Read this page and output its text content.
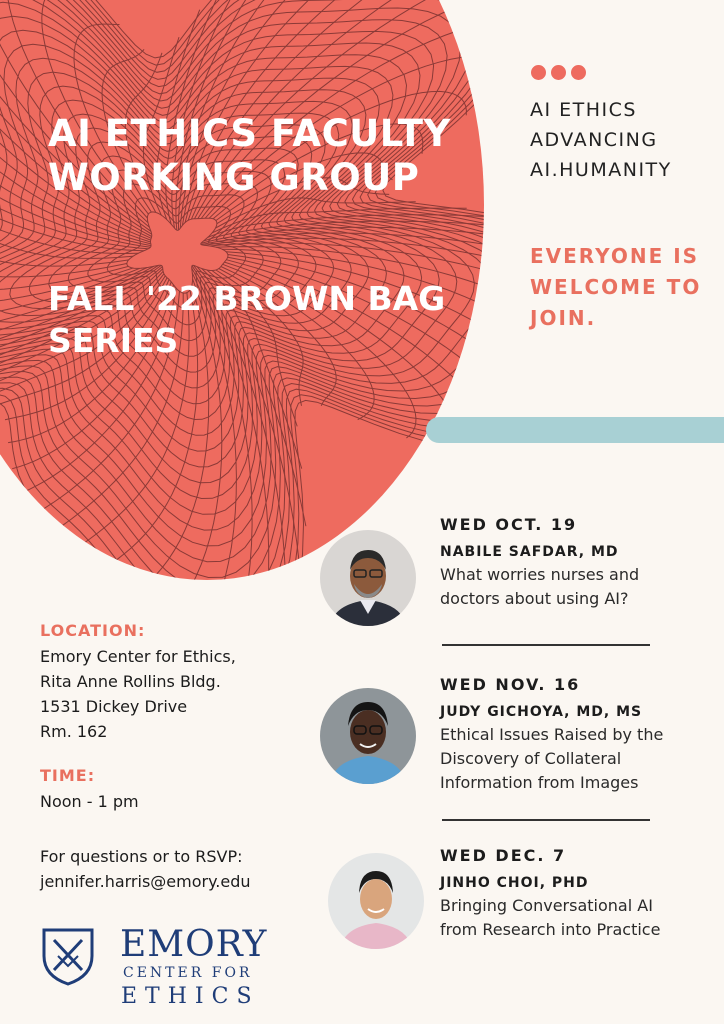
AI ETHICS FACULTY WORKING GROUP
FALL '22 BROWN BAG SERIES
AI ETHICS
ADVANCING
AI.HUMANITY
EVERYONE IS
WELCOME TO
JOIN.
WED OCT. 19
NABILE SAFDAR, MD
What worries nurses and
doctors about using AI?
WED NOV. 16
JUDY GICHOYA, MD, MS
Ethical Issues Raised by the
Discovery of Collateral
Information from Images
WED DEC. 7
JINHO CHOI, PHD
Bringing Conversational AI
from Research into Practice
LOCATION:
Emory Center for Ethics,
Rita Anne Rollins Bldg.
1531 Dickey Drive
Rm. 162
TIME:
Noon - 1 pm
For questions or to RSVP:
jennifer.harris@emory.edu
EMORY
CENTER FOR
ETHICS
